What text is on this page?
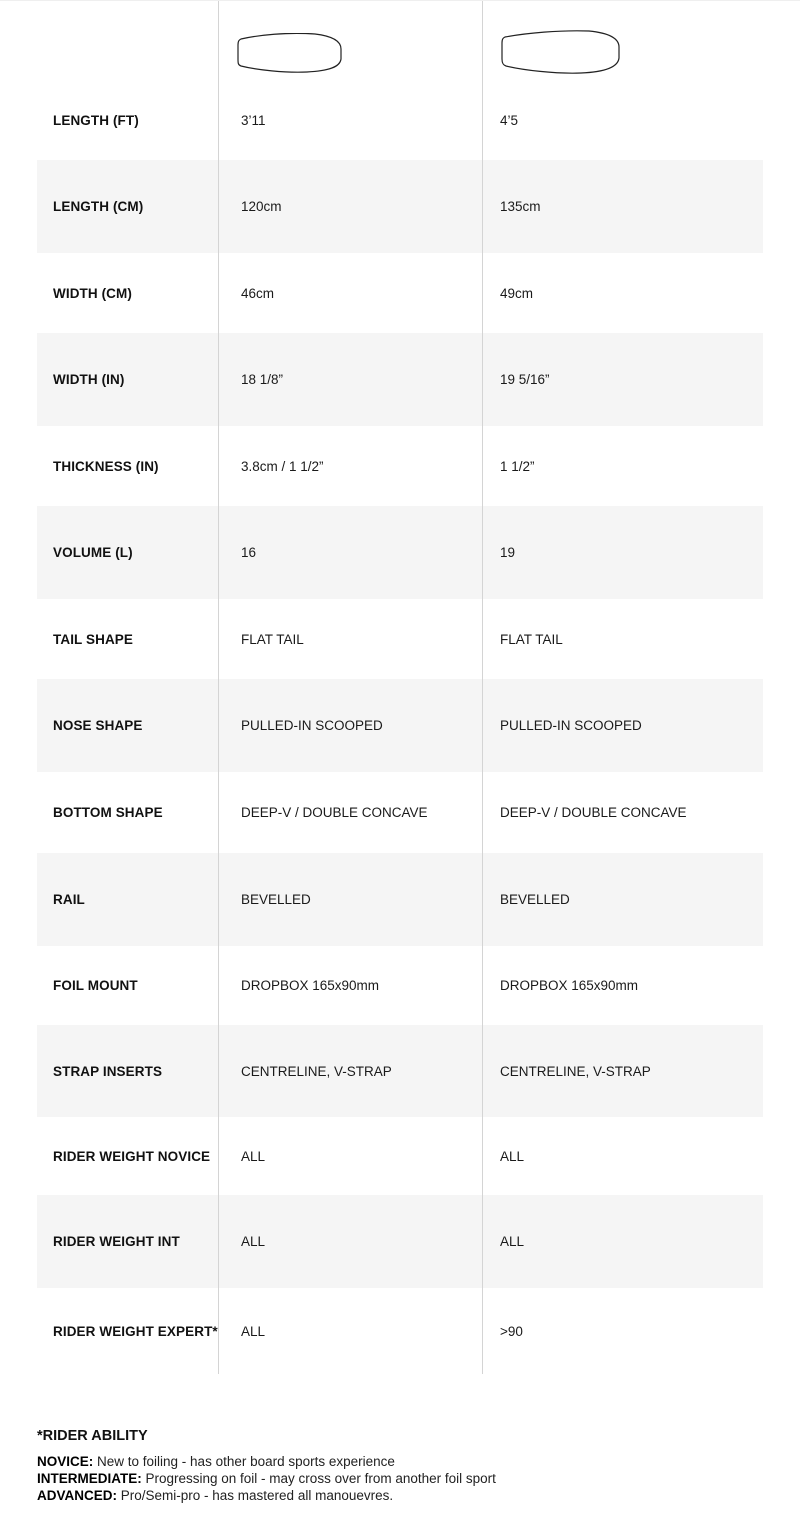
LENGTH (FT)	3’11	4’5
LENGTH (CM)	120cm	135cm
WIDTH (CM)	46cm	49cm
WIDTH (IN)	18 1/8”	19 5/16”
THICKNESS (IN)	3.8cm / 1 1/2”	1 1/2”
VOLUME (L)	16	19
TAIL SHAPE	FLAT TAIL	FLAT TAIL
NOSE SHAPE	PULLED-IN SCOOPED	PULLED-IN SCOOPED
BOTTOM SHAPE	DEEP-V / DOUBLE CONCAVE	DEEP-V / DOUBLE CONCAVE
RAIL	BEVELLED	BEVELLED
FOIL MOUNT	DROPBOX 165x90mm	DROPBOX 165x90mm
STRAP INSERTS	CENTRELINE, V-STRAP	CENTRELINE, V-STRAP
RIDER WEIGHT NOVICE	ALL	ALL
RIDER WEIGHT INT	ALL	ALL
RIDER WEIGHT EXPERT*	ALL	>90
*RIDER ABILITY
NOVICE: New to foiling - has other board sports experience
INTERMEDIATE: Progressing on foil - may cross over from another foil sport
ADVANCED: Pro/Semi-pro - has mastered all manouevres.
